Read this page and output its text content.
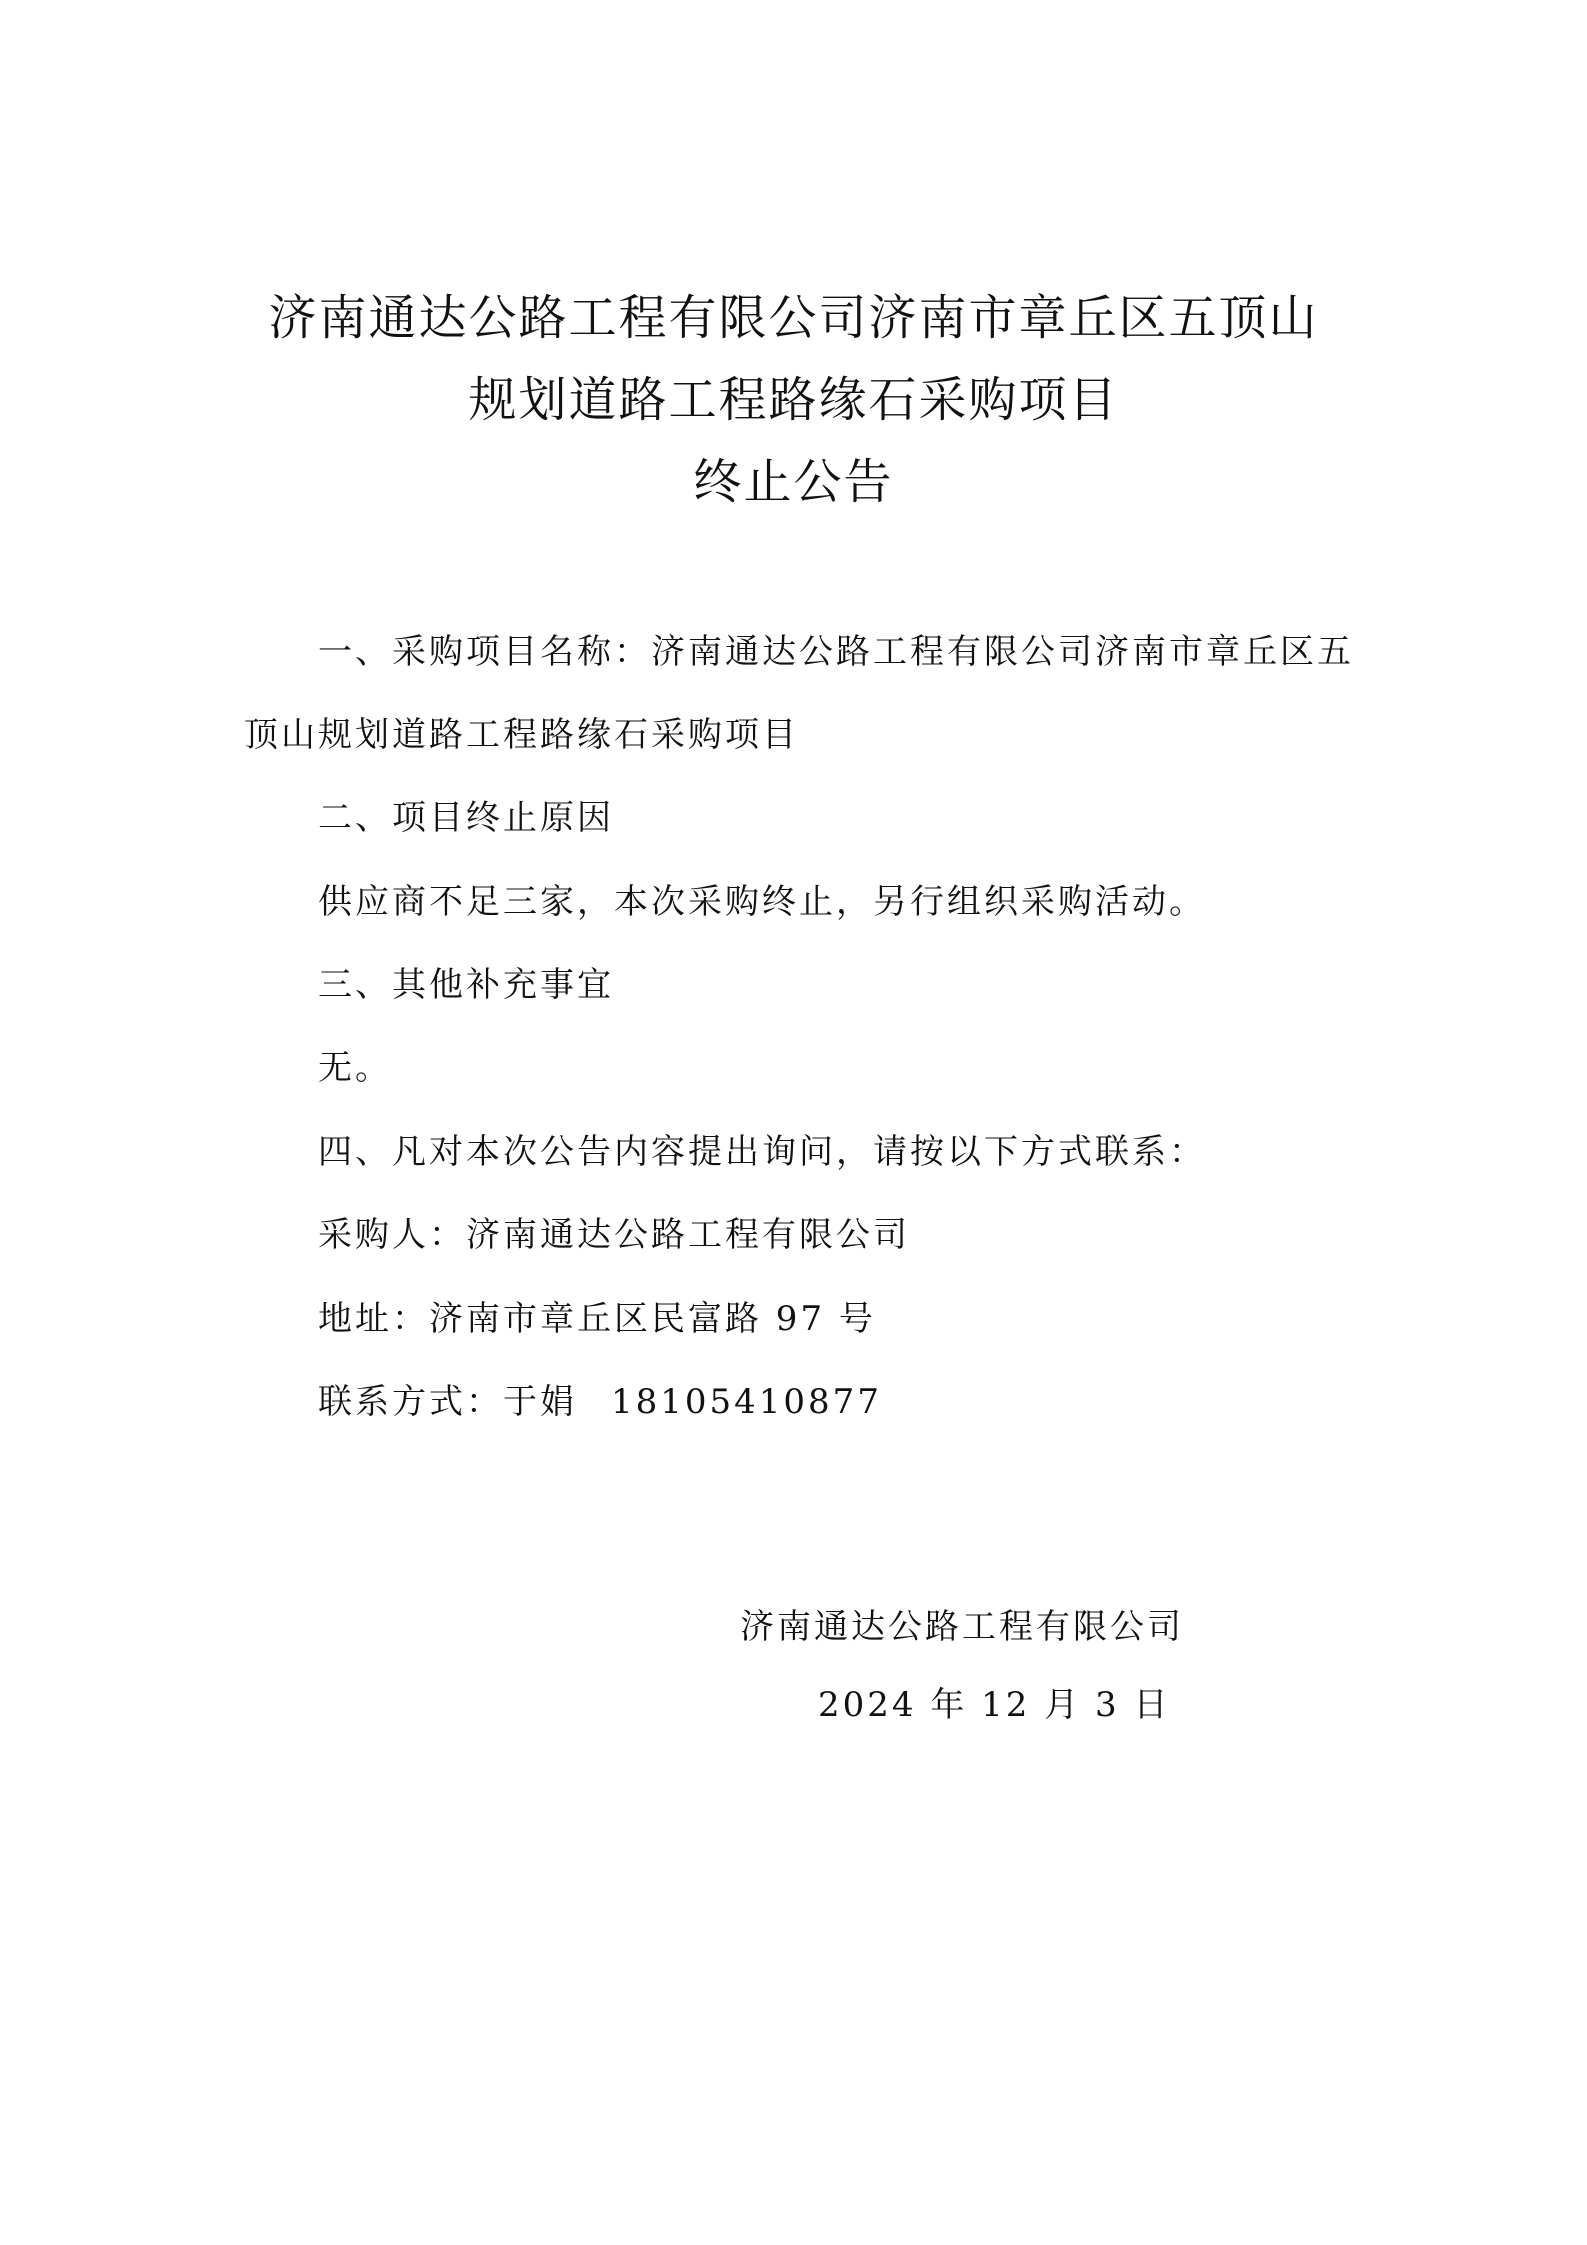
济南通达公路工程有限公司济南市章丘区五顶山
规划道路工程路缘石采购项目
终止公告
一、采购项目名称：济南通达公路工程有限公司济南市章丘区五
顶山规划道路工程路缘石采购项目
二、项目终止原因
供应商不足三家，本次采购终止，另行组织采购活动。
三、其他补充事宜
无。
四、凡对本次公告内容提出询问，请按以下方式联系：
采购人：济南通达公路工程有限公司
地址：济南市章丘区民富路 97 号
联系方式：于娟 18105410877
济南通达公路工程有限公司
2024 年 12 月 3 日
